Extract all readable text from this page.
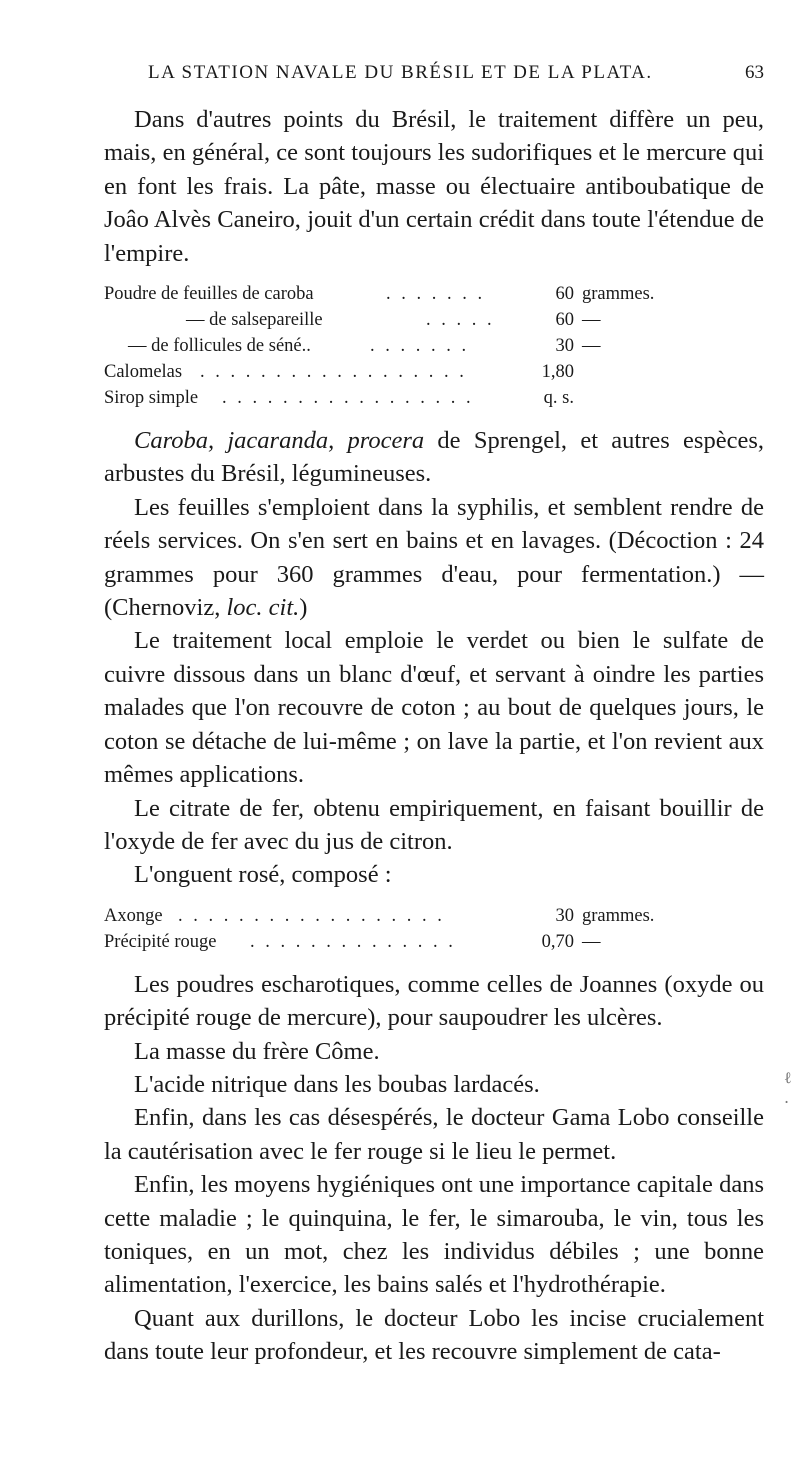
LA STATION NAVALE DU BRÉSIL ET DE LA PLATA.	63

Dans d'autres points du Brésil, le traitement diffère un peu, mais, en général, ce sont toujours les sudorifiques et le mercure qui en font les frais. La pâte, masse ou électuaire antiboubatique de Joâo Alvès Caneiro, jouit d'un certain crédit dans toute l'étendue de l'empire.

Poudre de feuilles de caroba	. . . . . . .	60 grammes.
— de salsepareille	. . . . .	60 —
— de follicules de séné..	. . . . . . .	30 —
Calomelas . . . . . . . . . . . . . . . . . .	1,80
Sirop simple . . . . . . . . . . . . . . . . .	q. s.

Caroba, jacaranda, procera de Sprengel, et autres espèces, arbustes du Brésil, légumineuses.

Les feuilles s'emploient dans la syphilis, et semblent rendre de réels services. On s'en sert en bains et en lavages. (Décoction : 24 grammes pour 360 grammes d'eau, pour fermentation.) — (Chernoviz, loc. cit.)

Le traitement local emploie le verdet ou bien le sulfate de cuivre dissous dans un blanc d'œuf, et servant à oindre les parties malades que l'on recouvre de coton ; au bout de quelques jours, le coton se détache de lui-même ; on lave la partie, et l'on revient aux mêmes applications.

Le citrate de fer, obtenu empiriquement, en faisant bouillir de l'oxyde de fer avec du jus de citron.

L'onguent rosé, composé :

Axonge . . . . . . . . . . . . . . . . . .	30 grammes.
Précipité rouge . . . . . . . . . . . . . .	0,70 —

Les poudres escharotiques, comme celles de Joannes (oxyde ou précipité rouge de mercure), pour saupoudrer les ulcères.

La masse du frère Côme.

L'acide nitrique dans les boubas lardacés.

Enfin, dans les cas désespérés, le docteur Gama Lobo conseille la cautérisation avec le fer rouge si le lieu le permet.

Enfin, les moyens hygiéniques ont une importance capitale dans cette maladie ; le quinquina, le fer, le simarouba, le vin, tous les toniques, en un mot, chez les individus débiles ; une bonne alimentation, l'exercice, les bains salés et l'hydrothérapie.

Quant aux durillons, le docteur Lobo les incise crucialement dans toute leur profondeur, et les recouvre simplement de cata-

ℓ .
